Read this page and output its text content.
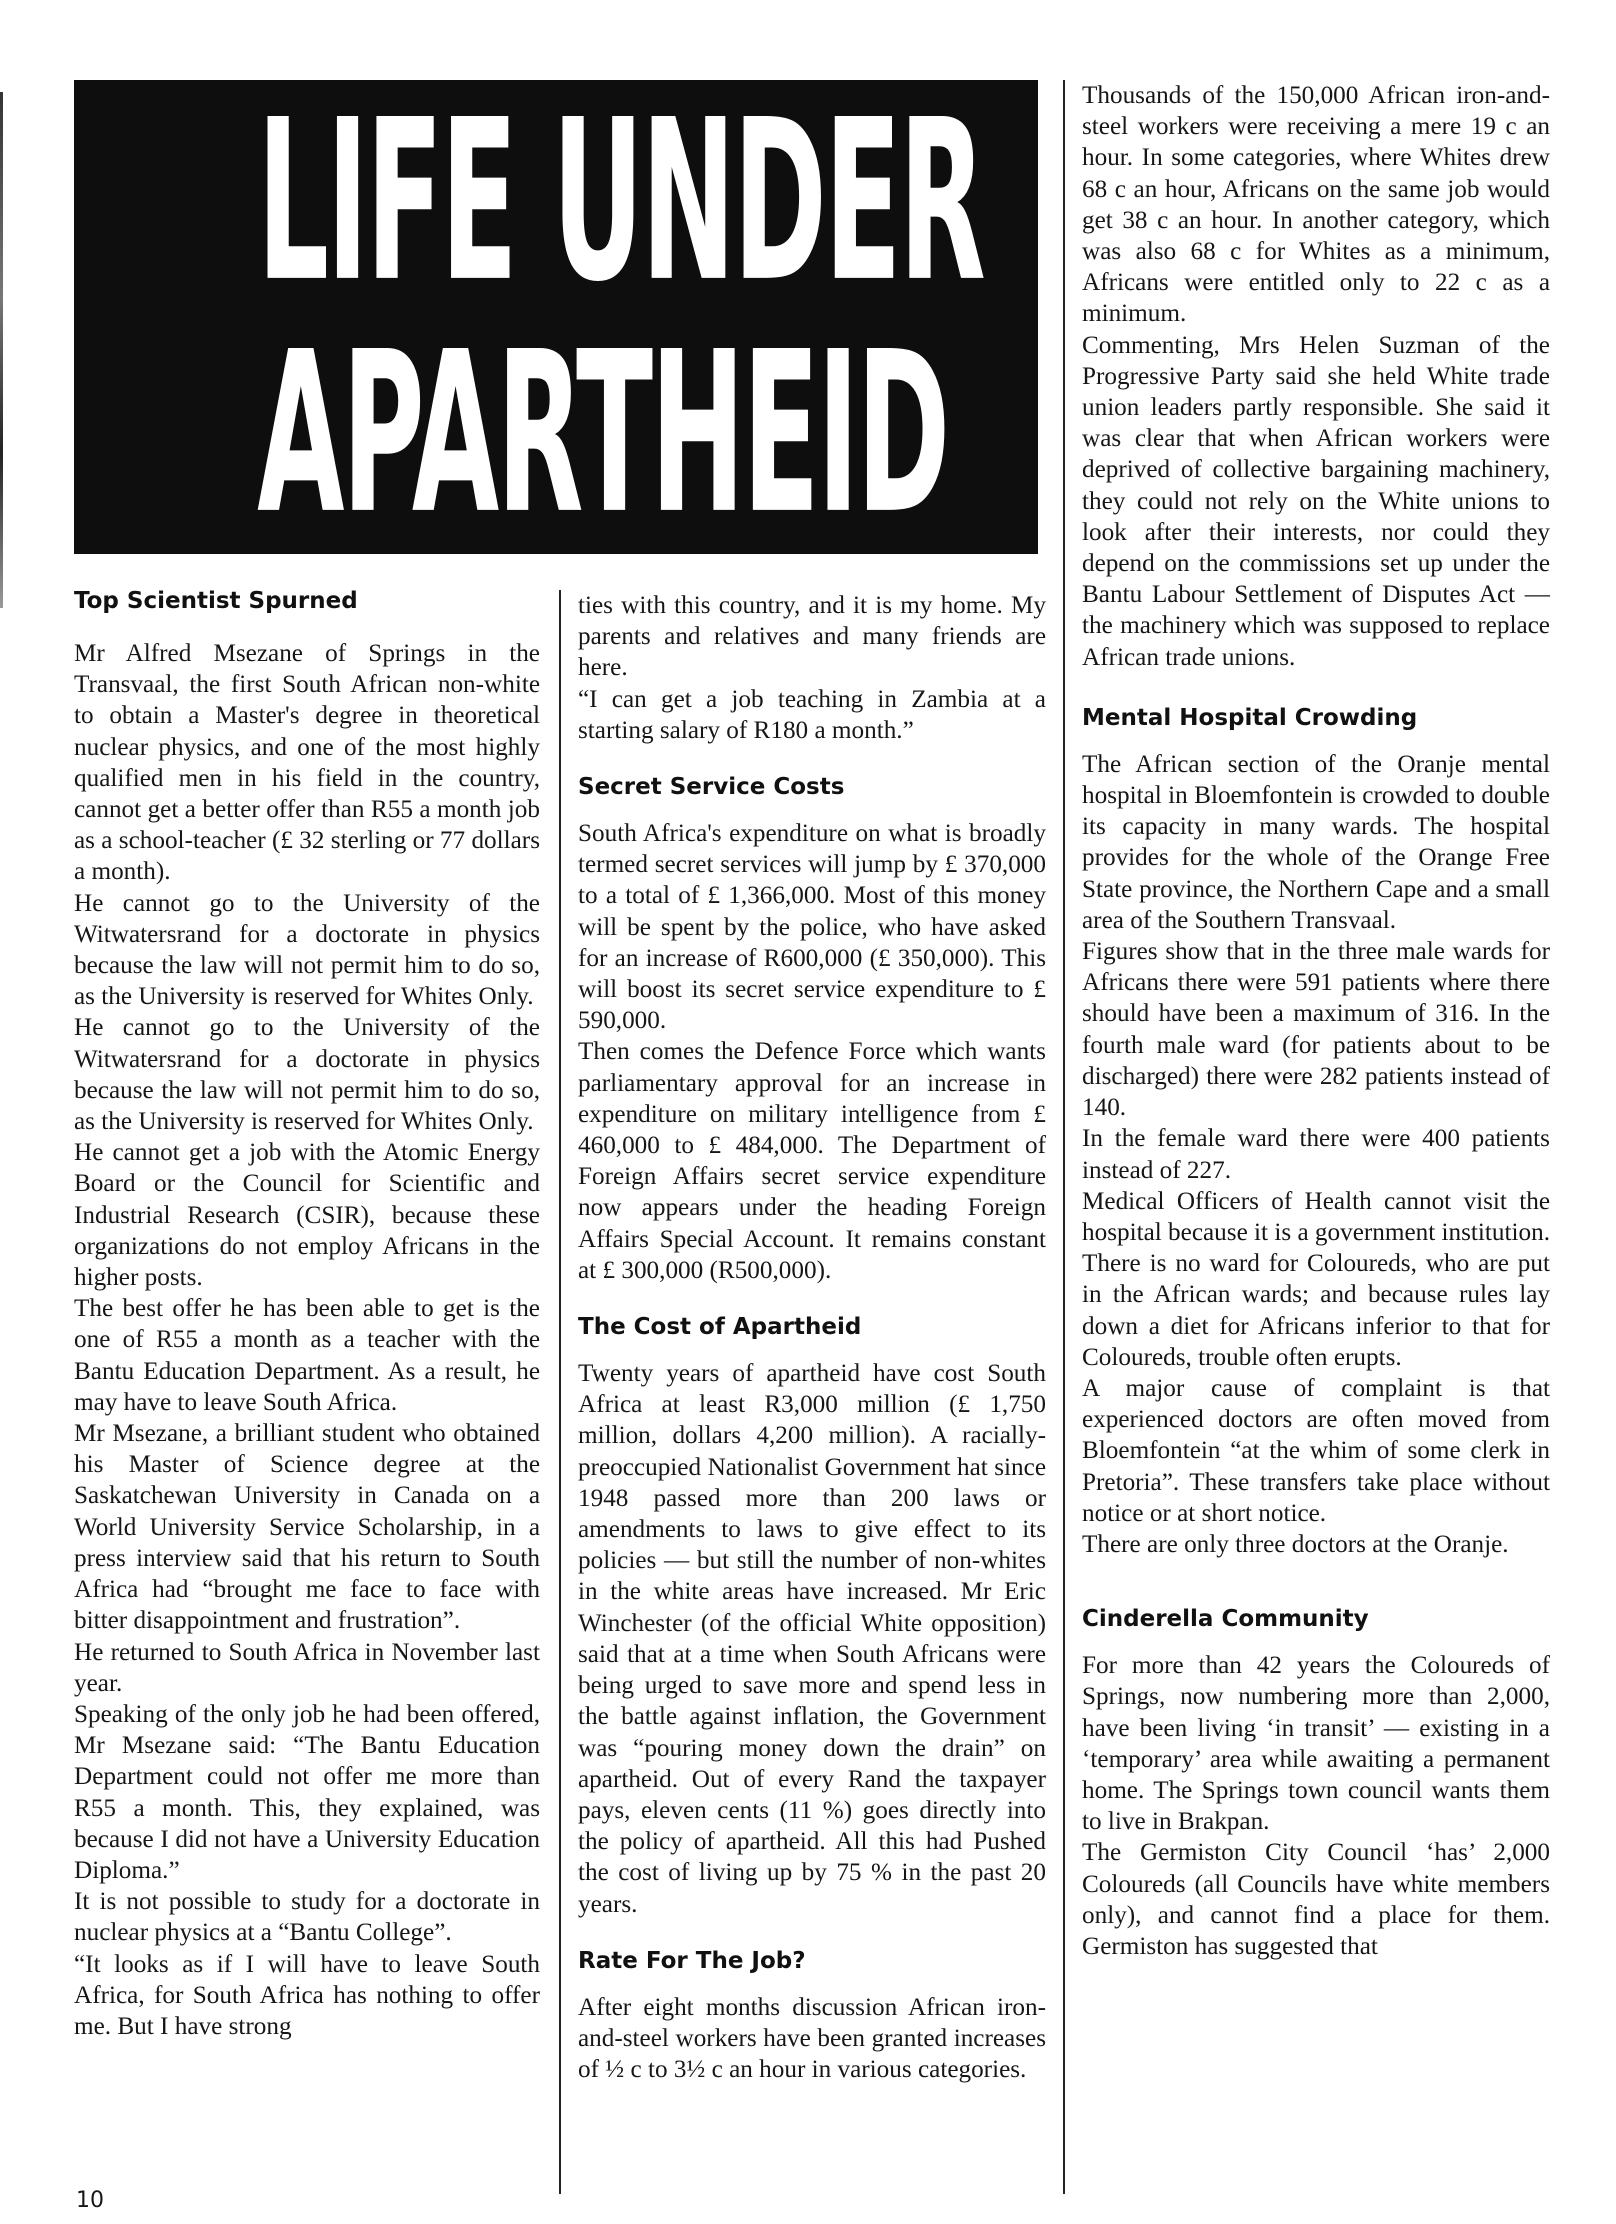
LIFE UNDER
APARTHEID
Top Scientist Spurned

Mr Alfred Msezane of Springs in the Transvaal, the first South African non-white to obtain a Master's degree in theoretical nuclear physics, and one of the most highly qualified men in his field in the country, cannot get a better offer than R55 a month job as a school-teacher (£ 32 sterling or 77 dollars a month).

He cannot go to the University of the Witwatersrand for a doctorate in physics because the law will not permit him to do so, as the University is reserved for Whites Only.

He cannot go to the University of the Witwatersrand for a doctorate in physics because the law will not permit him to do so, as the University is reserved for Whites Only.

He cannot get a job with the Atomic Energy Board or the Council for Scientific and Industrial Research (CSIR), because these organizations do not employ Africans in the higher posts.

The best offer he has been able to get is the one of R55 a month as a teacher with the Bantu Education Department. As a result, he may have to leave South Africa.

Mr Msezane, a brilliant student who obtained his Master of Science degree at the Saskatchewan University in Canada on a World University Service Scholarship, in a press interview said that his return to South Africa had “brought me face to face with bitter disappointment and frustration”.

He returned to South Africa in November last year.

Speaking of the only job he had been offered, Mr Msezane said: “The Bantu Education Department could not offer me more than R55 a month. This, they explained, was because I did not have a University Education Diploma.”

It is not possible to study for a doctorate in nuclear physics at a “Bantu College”.

“It looks as if I will have to leave South Africa, for South Africa has nothing to offer me. But I have strong

ties with this country, and it is my home. My parents and relatives and many friends are here.

“I can get a job teaching in Zambia at a starting salary of R180 a month.”

Secret Service Costs

South Africa's expenditure on what is broadly termed secret services will jump by £ 370,000 to a total of £ 1,366,000. Most of this money will be spent by the police, who have asked for an increase of R600,000 (£ 350,000). This will boost its secret service expenditure to £ 590,000.

Then comes the Defence Force which wants parliamentary approval for an increase in expenditure on military intelligence from £ 460,000 to £ 484,000. The Department of Foreign Affairs secret service expenditure now appears under the heading Foreign Affairs Special Account. It remains constant at £ 300,000 (R500,000).

The Cost of Apartheid

Twenty years of apartheid have cost South Africa at least R3,000 million (£ 1,750 million, dollars 4,200 million). A racially-preoccupied Nationalist Government hat since 1948 passed more than 200 laws or amendments to laws to give effect to its policies — but still the number of non-whites in the white areas have increased. Mr Eric Winchester (of the official White opposition) said that at a time when South Africans were being urged to save more and spend less in the battle against inflation, the Government was “pouring money down the drain” on apartheid. Out of every Rand the taxpayer pays, eleven cents (11 %) goes directly into the policy of apartheid. All this had Pushed the cost of living up by 75 % in the past 20 years.

Rate For The Job?

After eight months discussion African iron-and-steel workers have been granted increases of ½ c to 3½ c an hour in various categories.

Thousands of the 150,000 African iron-and-steel workers were receiving a mere 19 c an hour. In some categories, where Whites drew 68 c an hour, Africans on the same job would get 38 c an hour. In another category, which was also 68 c for Whites as a minimum, Africans were entitled only to 22 c as a minimum.

Commenting, Mrs Helen Suzman of the Progressive Party said she held White trade union leaders partly responsible. She said it was clear that when African workers were deprived of collective bargaining machinery, they could not rely on the White unions to look after their interests, nor could they depend on the commissions set up under the Bantu Labour Settlement of Disputes Act — the machinery which was supposed to replace African trade unions.

Mental Hospital Crowding

The African section of the Oranje mental hospital in Bloemfontein is crowded to double its capacity in many wards. The hospital provides for the whole of the Orange Free State province, the Northern Cape and a small area of the Southern Transvaal.

Figures show that in the three male wards for Africans there were 591 patients where there should have been a maximum of 316. In the fourth male ward (for patients about to be discharged) there were 282 patients instead of 140.

In the female ward there were 400 patients instead of 227.

Medical Officers of Health cannot visit the hospital because it is a government institution.

There is no ward for Coloureds, who are put in the African wards; and because rules lay down a diet for Africans inferior to that for Coloureds, trouble often erupts.

A major cause of complaint is that experienced doctors are often moved from Bloemfontein “at the whim of some clerk in Pretoria”. These transfers take place without notice or at short notice.

There are only three doctors at the Oranje.

Cinderella Community

For more than 42 years the Coloureds of Springs, now numbering more than 2,000, have been living ‘in transit’ — existing in a ‘temporary’ area while awaiting a permanent home. The Springs town council wants them to live in Brakpan.

The Germiston City Council ‘has’ 2,000 Coloureds (all Councils have white members only), and cannot find a place for them. Germiston has suggested that

10
